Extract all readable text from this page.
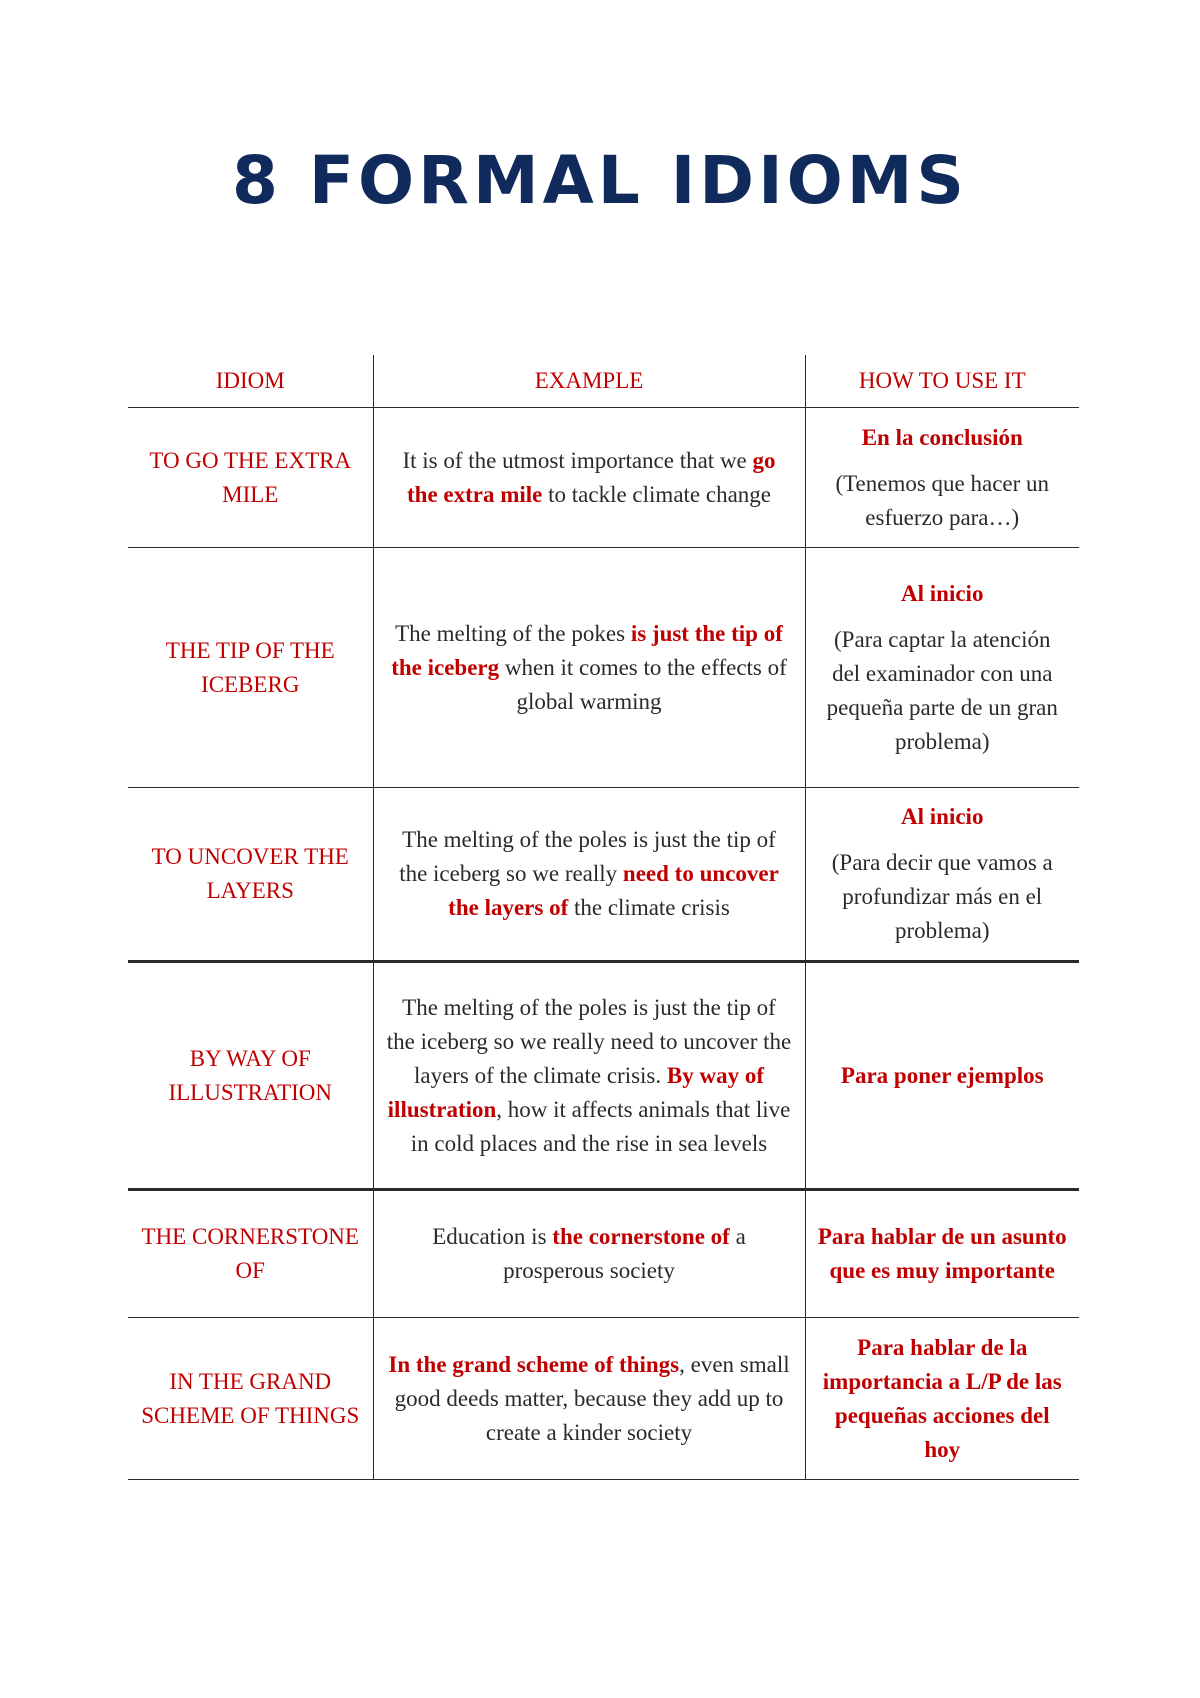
8 FORMAL IDIOMS
IDIOM	EXAMPLE	HOW TO USE IT
TO GO THE EXTRA MILE	It is of the utmost importance that we go the extra mile to tackle climate change	En la conclusión
(Tenemos que hacer un esfuerzo para…)

THE TIP OF THE ICEBERG	The melting of the pokes is just the tip of the iceberg when it comes to the effects of global warming	Al inicio
(Para captar la atención del examinador con una pequeña parte de un gran problema)

TO UNCOVER THE LAYERS	The melting of the poles is just the tip of the iceberg so we really need to uncover the layers of the climate crisis	Al inicio
(Para decir que vamos a profundizar más en el problema)

BY WAY OF ILLUSTRATION	The melting of the poles is just the tip of the iceberg so we really need to uncover the layers of the climate crisis. By way of illustration, how it affects animals that live in cold places and the rise in sea levels	Para poner ejemplos

THE CORNERSTONE OF	Education is the cornerstone of a prosperous society	Para hablar de un asunto que es muy importante

IN THE GRAND SCHEME OF THINGS	In the grand scheme of things, even small good deeds matter, because they add up to create a kinder society	Para hablar de la importancia a L/P de las pequeñas acciones del hoy
